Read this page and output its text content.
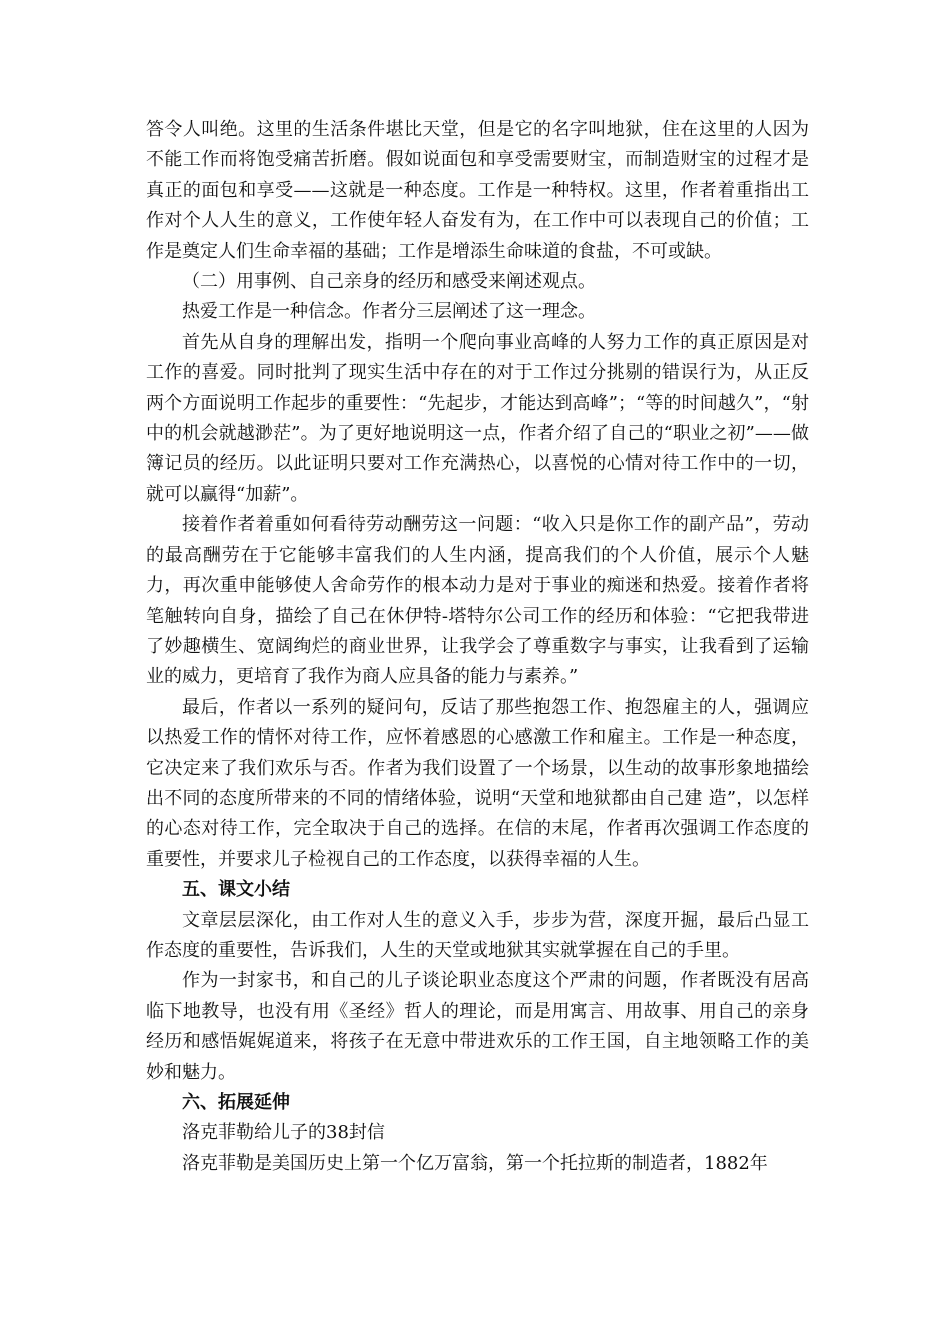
答令人叫绝。这里的生活条件堪比天堂，但是它的名字叫地狱，住在这里的人因为不能工作而将饱受痛苦折磨。假如说面包和享受需要财宝，而制造财宝的过程才是真正的面包和享受——这就是一种态度。工作是一种特权。这里，作者着重指出工作对个人人生的意义，工作使年轻人奋发有为，在工作中可以表现自己的价值；工作是奠定人们生命幸福的基础；工作是增添生命味道的食盐，不可或缺。

（二）用事例、自己亲身的经历和感受来阐述观点。

热爱工作是一种信念。作者分三层阐述了这一理念。

首先从自身的理解出发，指明一个爬向事业高峰的人努力工作的真正原因是对工作的喜爱。同时批判了现实生活中存在的对于工作过分挑剔的错误行为，从正反两个方面说明工作起步的重要性：“先起步，才能达到高峰”；“等的时间越久”，“射中的机会就越渺茫”。为了更好地说明这一点，作者介绍了自己的“职业之初”——做簿记员的经历。以此证明只要对工作充满热心，以喜悦的心情对待工作中的一切，就可以赢得“加薪”。

接着作者着重如何看待劳动酬劳这一问题：“收入只是你工作的副产品”，劳动的最高酬劳在于它能够丰富我们的人生内涵，提高我们的个人价值，展示个人魅力，再次重申能够使人舍命劳作的根本动力是对于事业的痴迷和热爱。接着作者将笔触转向自身，描绘了自己在休伊特-塔特尔公司工作的经历和体验：“它把我带进了妙趣横生、宽阔绚烂的商业世界，让我学会了尊重数字与事实，让我看到了运输业的威力，更培育了我作为商人应具备的能力与素养。”

最后，作者以一系列的疑问句，反诘了那些抱怨工作、抱怨雇主的人，强调应以热爱工作的情怀对待工作，应怀着感恩的心感激工作和雇主。工作是一种态度，它决定来了我们欢乐与否。作者为我们设置了一个场景，以生动的故事形象地描绘出不同的态度所带来的不同的情绪体验，说明“天堂和地狱都由自己建 造”，以怎样的心态对待工作，完全取决于自己的选择。在信的末尾，作者再次强调工作态度的重要性，并要求儿子检视自己的工作态度，以获得幸福的人生。

五、课文小结

文章层层深化，由工作对人生的意义入手，步步为营，深度开掘，最后凸显工作态度的重要性，告诉我们，人生的天堂或地狱其实就掌握在自己的手里。

作为一封家书，和自己的儿子谈论职业态度这个严肃的问题，作者既没有居高临下地教导，也没有用《圣经》哲人的理论，而是用寓言、用故事、用自己的亲身经历和感悟娓娓道来，将孩子在无意中带进欢乐的工作王国，自主地领略工作的美妙和魅力。

六、拓展延伸

洛克菲勒给儿子的38封信

洛克菲勒是美国历史上第一个亿万富翁，第一个托拉斯的制造者，1882年
